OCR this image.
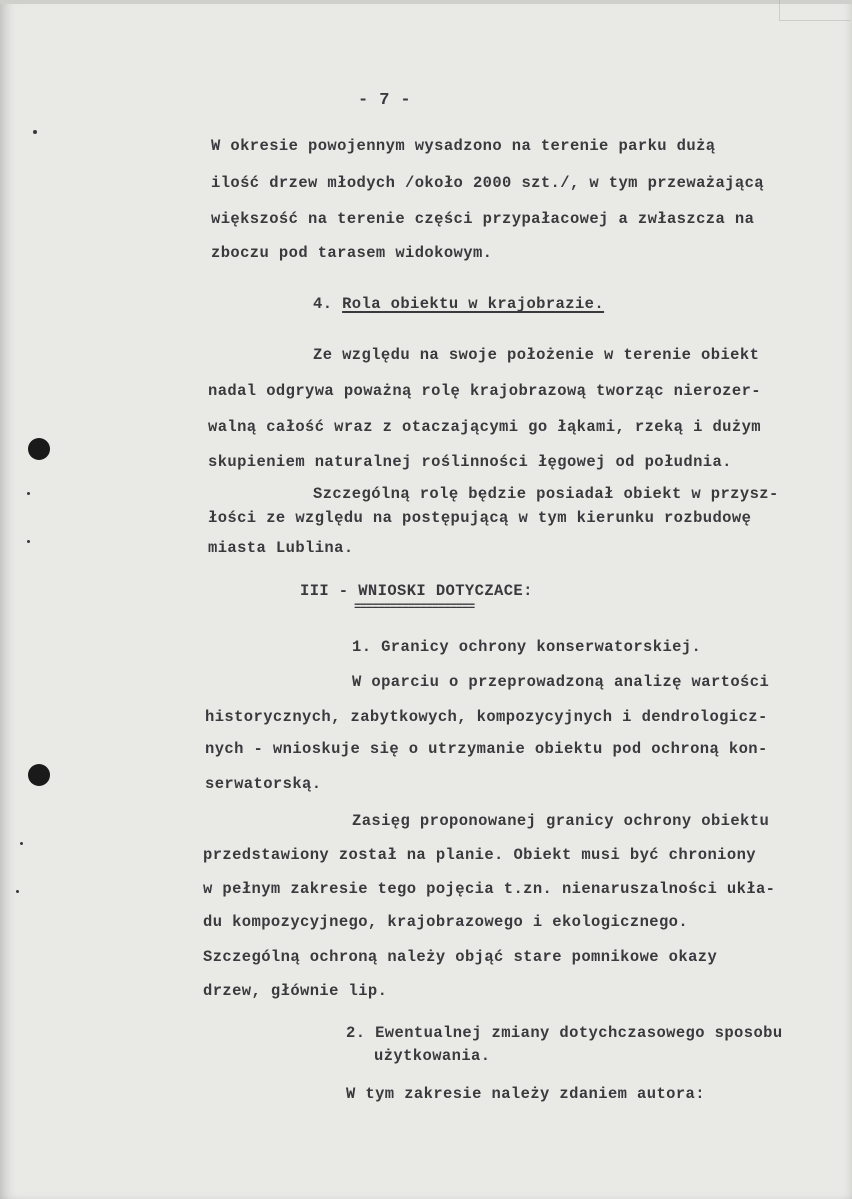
- 7 -
W okresie powojennym wysadzono na terenie parku dużą
ilość drzew młodych /około 2000 szt./, w tym przeważającą
większość na terenie części przypałacowej a zwłaszcza na
zboczu pod tarasem widokowym.
4. Rola obiektu w krajobrazie.
Ze względu na swoje położenie w terenie obiekt
nadal odgrywa poważną rolę krajobrazową tworząc nierozer-
walną całość wraz z otaczającymi go łąkami, rzeką i dużym
skupieniem naturalnej roślinności łęgowej od południa.
Szczególną rolę będzie posiadał obiekt w przysz-
łości ze względu na postępującą w tym kierunku rozbudowę
miasta Lublina.
III - WNIOSKI DOTYCZACE:
====================
1. Granicy ochrony konserwatorskiej.
W oparciu o przeprowadzoną analizę wartości
historycznych, zabytkowych, kompozycyjnych i dendrologicz-
nych - wnioskuje się o utrzymanie obiektu pod ochroną kon-
serwatorską.
Zasięg proponowanej granicy ochrony obiektu
przedstawiony został na planie. Obiekt musi być chroniony
w pełnym zakresie tego pojęcia t.zn. nienaruszalności ukła-
du kompozycyjnego, krajobrazowego i ekologicznego.
Szczególną ochroną należy objąć stare pomnikowe okazy
drzew, głównie lip.
2. Ewentualnej zmiany dotychczasowego sposobu
użytkowania.
W tym zakresie należy zdaniem autora:
